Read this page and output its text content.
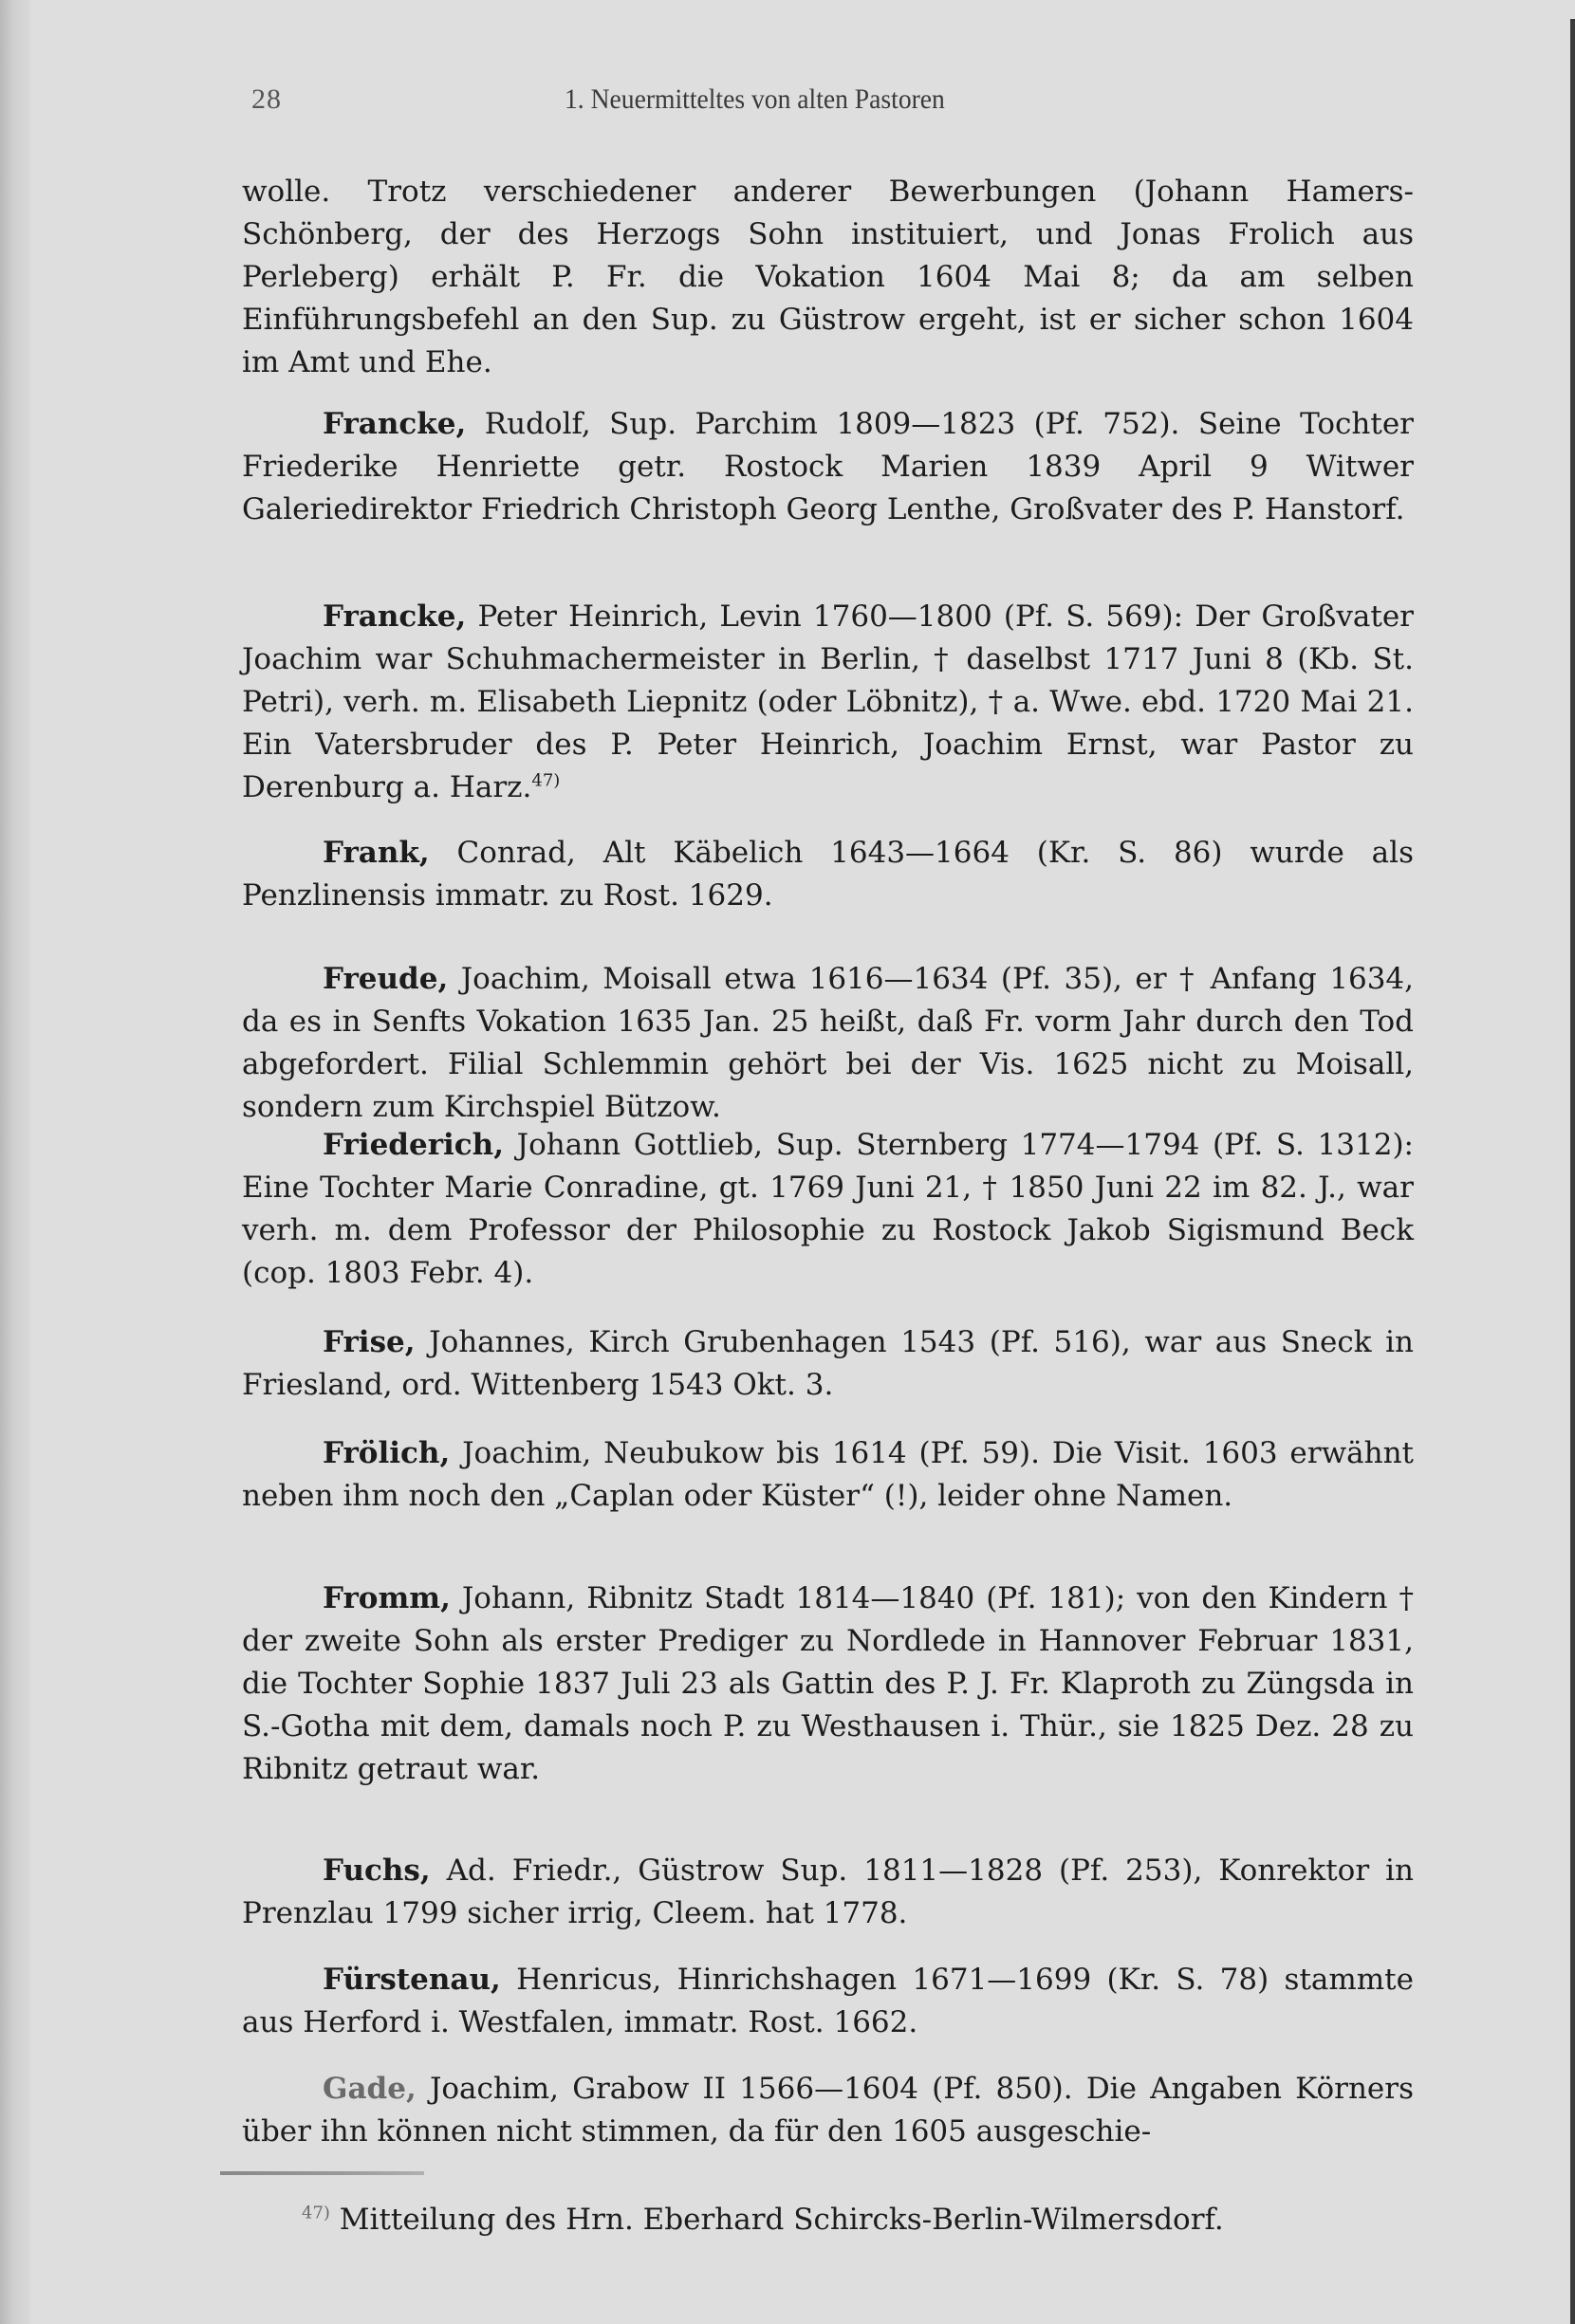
28	1. Neuermitteltes von alten Pastoren

wolle. Trotz verschiedener anderer Bewerbungen (Johann Hamers-Schönberg, der des Herzogs Sohn instituiert, und Jonas Frolich aus Perleberg) erhält P. Fr. die Vokation 1604 Mai 8; da am selben Einführungsbefehl an den Sup. zu Güstrow ergeht, ist er sicher schon 1604 im Amt und Ehe.

Francke, Rudolf, Sup. Parchim 1809—1823 (Pf. 752). Seine Tochter Friederike Henriette getr. Rostock Marien 1839 April 9 Witwer Galeriedirektor Friedrich Christoph Georg Lenthe, Großvater des P. Hanstorf.

Francke, Peter Heinrich, Levin 1760—1800 (Pf. S. 569): Der Großvater Joachim war Schuhmachermeister in Berlin, † daselbst 1717 Juni 8 (Kb. St. Petri), verh. m. Elisabeth Liepnitz (oder Löbnitz), † a. Wwe. ebd. 1720 Mai 21. Ein Vatersbruder des P. Peter Heinrich, Joachim Ernst, war Pastor zu Derenburg a. Harz.$^{47)}$

Frank, Conrad, Alt Käbelich 1643—1664 (Kr. S. 86) wurde als Penzlinensis immatr. zu Rost. 1629.

Freude, Joachim, Moisall etwa 1616—1634 (Pf. 35), er † Anfang 1634, da es in Senfts Vokation 1635 Jan. 25 heißt, daß Fr. vorm Jahr durch den Tod abgefordert. Filial Schlemmin gehört bei der Vis. 1625 nicht zu Moisall, sondern zum Kirchspiel Bützow.

Friederich, Johann Gottlieb, Sup. Sternberg 1774—1794 (Pf. S. 1312): Eine Tochter Marie Conradine, gt. 1769 Juni 21, † 1850 Juni 22 im 82. J., war verh. m. dem Professor der Philosophie zu Rostock Jakob Sigismund Beck (cop. 1803 Febr. 4).

Frise, Johannes, Kirch Grubenhagen 1543 (Pf. 516), war aus Sneck in Friesland, ord. Wittenberg 1543 Okt. 3.

Frölich, Joachim, Neubukow bis 1614 (Pf. 59). Die Visit. 1603 erwähnt neben ihm noch den „Caplan oder Küster“ (!), leider ohne Namen.

Fromm, Johann, Ribnitz Stadt 1814—1840 (Pf. 181); von den Kindern † der zweite Sohn als erster Prediger zu Nordlede in Hannover Februar 1831, die Tochter Sophie 1837 Juli 23 als Gattin des P. J. Fr. Klaproth zu Züngsda in S.-Gotha mit dem, damals noch P. zu Westhausen i. Thür., sie 1825 Dez. 28 zu Ribnitz getraut war.

Fuchs, Ad. Friedr., Güstrow Sup. 1811—1828 (Pf. 253), Konrektor in Prenzlau 1799 sicher irrig, Cleem. hat 1778.

Fürstenau, Henricus, Hinrichshagen 1671—1699 (Kr. S. 78) stammte aus Herford i. Westfalen, immatr. Rost. 1662.

Gade, Joachim, Grabow II 1566—1604 (Pf. 850). Die Angaben Körners über ihn können nicht stimmen, da für den 1605 ausgeschie-

$^{47)}$ Mitteilung des Hrn. Eberhard Schircks-Berlin-Wilmersdorf.
